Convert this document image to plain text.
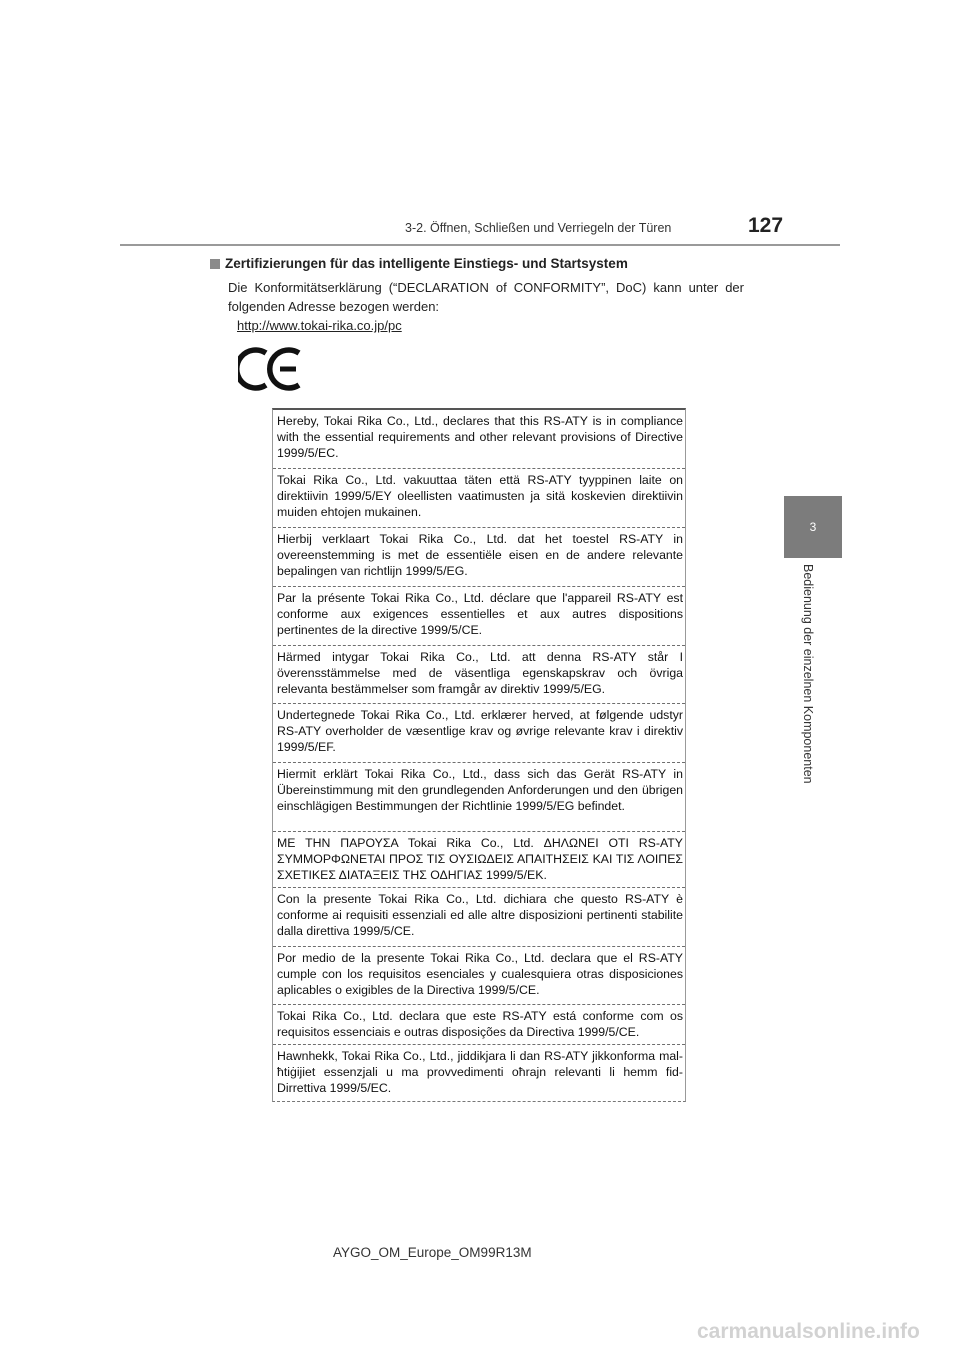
3-2. Öffnen, Schließen und Verriegeln der Türen	127
3
Bedienung der einzelnen Komponenten
Zertifizierungen für das intelligente Einstiegs- und Startsystem
Die Konformitätserklärung (“DECLARATION of CONFORMITY”, DoC) kann unter der folgenden Adresse bezogen werden:
http://www.tokai-rika.co.jp/pc
Hereby, Tokai Rika Co., Ltd., declares that this RS-ATY is in compliance with the essential requirements and other relevant provisions of Directive 1999/5/EC.
Tokai Rika Co., Ltd. vakuuttaa täten että RS-ATY tyyppinen laite on direktiivin 1999/5/EY oleellisten vaatimusten ja sitä koskevien direktiivin muiden ehtojen mukainen.
Hierbij verklaart Tokai Rika Co., Ltd. dat het toestel RS-ATY in overeenstemming is met de essentiële eisen en de andere relevante bepalingen van richtlijn 1999/5/EG.
Par la présente Tokai Rika Co., Ltd. déclare que l'appareil RS-ATY est conforme aux exigences essentielles et aux autres dispositions pertinentes de la directive 1999/5/CE.
Härmed intygar Tokai Rika Co., Ltd. att denna RS-ATY står I överensstämmelse med de väsentliga egenskapskrav och övriga relevanta bestämmelser som framgår av direktiv 1999/5/EG.
Undertegnede Tokai Rika Co., Ltd. erklærer herved, at følgende udstyr RS-ATY overholder de væsentlige krav og øvrige relevante krav i direktiv 1999/5/EF.
Hiermit erklärt Tokai Rika Co., Ltd., dass sich das Gerät RS-ATY in Übereinstimmung mit den grundlegenden Anforderungen und den übrigen einschlägigen Bestimmungen der Richtlinie 1999/5/EG befindet.
ΜΕ ΤΗΝ ΠΑΡΟΥΣΑ Tokai Rika Co., Ltd. ΔΗΛΩΝΕΙ ΟΤΙ RS-ATY ΣΥΜΜΟΡΦΩΝΕΤΑΙ ΠΡΟΣ ΤΙΣ ΟΥΣΙΩΔΕΙΣ ΑΠΑΙΤΗΣΕΙΣ ΚΑΙ ΤΙΣ ΛΟΙΠΕΣ ΣΧΕΤΙΚΕΣ ΔΙΑΤΑΞΕΙΣ ΤΗΣ ΟΔΗΓΙΑΣ 1999/5/ΕΚ.
Con la presente Tokai Rika Co., Ltd. dichiara che questo RS-ATY è conforme ai requisiti essenziali ed alle altre disposizioni pertinenti stabilite dalla direttiva 1999/5/CE.
Por medio de la presente Tokai Rika Co., Ltd. declara que el RS-ATY cumple con los requisitos esenciales y cualesquiera otras disposiciones aplicables o exigibles de la Directiva 1999/5/CE.
Tokai Rika Co., Ltd. declara que este RS-ATY está conforme com os requisitos essenciais e outras disposições da Directiva 1999/5/CE.
Hawnhekk, Tokai Rika Co., Ltd., jiddikjara li dan RS-ATY jikkonforma mal-ħtiġijiet essenzjali u ma provvedimenti oħrajn relevanti li hemm fid-Dirrettiva 1999/5/EC.
AYGO_OM_Europe_OM99R13M
carmanualsonline.info
